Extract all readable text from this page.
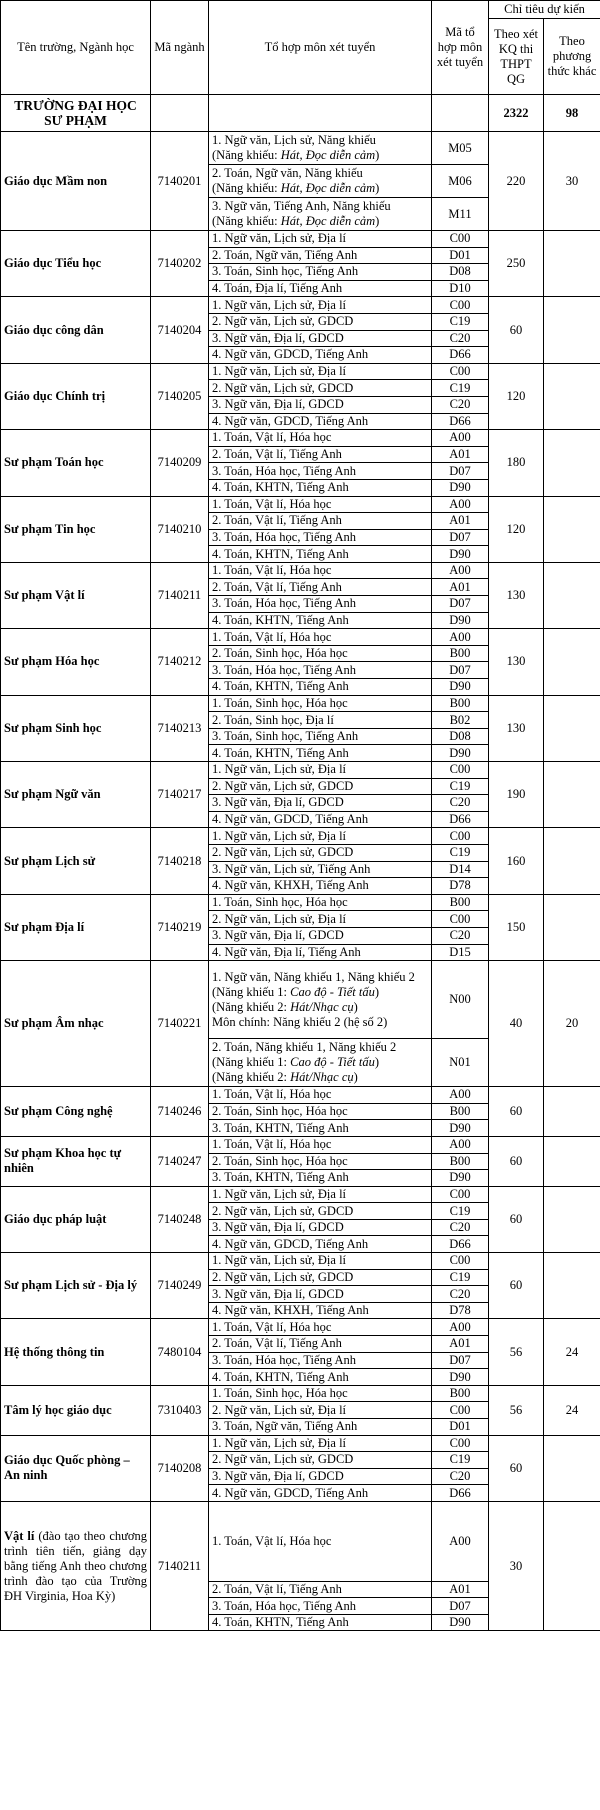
Tên trường, Ngành học	Mã ngành	Tổ hợp môn xét tuyển	Mã tổ hợp môn xét tuyển	Chỉ tiêu dự kiến	
				Theo xét KQ thi THPT QG	Theo phương thức khác
TRƯỜNG ĐẠI HỌC SƯ PHẠM				2322	98
Giáo dục Mầm non	7140201	1. Ngữ văn, Lịch sử, Năng khiếu
(Năng khiếu: Hát, Đọc diễn cảm)	M05	220	30

		2. Toán, Ngữ văn, Năng khiếu
(Năng khiếu: Hát, Đọc diễn cảm)	M06		

		3. Ngữ văn, Tiếng Anh, Năng khiếu
(Năng khiếu: Hát, Đọc diễn cảm)	M11		
Giáo dục Tiểu học	7140202	1. Ngữ văn, Lịch sử, Địa lí	C00	250	

		2. Toán, Ngữ văn, Tiếng Anh	D01		

		3. Toán, Sinh học, Tiếng Anh	D08		

		4. Toán, Địa lí, Tiếng Anh	D10		
Giáo dục công dân	7140204	1. Ngữ văn, Lịch sử, Địa lí	C00	60	

		2. Ngữ văn, Lịch sử, GDCD	C19		

		3. Ngữ văn, Địa lí, GDCD	C20		

		4. Ngữ văn, GDCD, Tiếng Anh	D66		
Giáo dục Chính trị	7140205	1. Ngữ văn, Lịch sử, Địa lí	C00	120	

		2. Ngữ văn, Lịch sử, GDCD	C19		

		3. Ngữ văn, Địa lí, GDCD	C20		

		4. Ngữ văn, GDCD, Tiếng Anh	D66		
Sư phạm Toán học	7140209	1. Toán, Vật lí, Hóa học	A00	180	

		2. Toán, Vật lí, Tiếng Anh	A01		

		3. Toán, Hóa học, Tiếng Anh	D07		

		4. Toán, KHTN, Tiếng Anh	D90		
Sư phạm Tin học	7140210	1. Toán, Vật lí, Hóa học	A00	120	

		2. Toán, Vật lí, Tiếng Anh	A01		

		3. Toán, Hóa học, Tiếng Anh	D07		

		4. Toán, KHTN, Tiếng Anh	D90		
Sư phạm Vật lí	7140211	1. Toán, Vật lí, Hóa học	A00	130	

		2. Toán, Vật lí, Tiếng Anh	A01		

		3. Toán, Hóa học, Tiếng Anh	D07		

		4. Toán, KHTN, Tiếng Anh	D90		
Sư phạm Hóa học	7140212	1. Toán, Vật lí, Hóa học	A00	130	

		2. Toán, Sinh học, Hóa học	B00		

		3. Toán, Hóa học, Tiếng Anh	D07		

		4. Toán, KHTN, Tiếng Anh	D90		
Sư phạm Sinh học	7140213	1. Toán, Sinh học, Hóa học	B00	130	

		2. Toán, Sinh học, Địa lí	B02		

		3. Toán, Sinh học, Tiếng Anh	D08		

		4. Toán, KHTN, Tiếng Anh	D90		
Sư phạm Ngữ văn	7140217	1. Ngữ văn, Lịch sử, Địa lí	C00	190	

		2. Ngữ văn, Lịch sử, GDCD	C19		

		3. Ngữ văn, Địa lí, GDCD	C20		

		4. Ngữ văn, GDCD, Tiếng Anh	D66		
Sư phạm Lịch sử	7140218	1. Ngữ văn, Lịch sử, Địa lí	C00	160	

		2. Ngữ văn, Lịch sử, GDCD	C19		

		3. Ngữ văn, Lịch sử, Tiếng Anh	D14		

		4. Ngữ văn, KHXH, Tiếng Anh	D78		
Sư phạm Địa lí	7140219	1. Toán, Sinh học, Hóa học	B00	150	

		2. Ngữ văn, Lịch sử, Địa lí	C00		

		3. Ngữ văn, Địa lí, GDCD	C20		

		4. Ngữ văn, Địa lí, Tiếng Anh	D15		
Sư phạm Âm nhạc	7140221	1. Ngữ văn, Năng khiếu 1, Năng khiếu 2
(Năng khiếu 1: Cao độ - Tiết tấu)
(Năng khiếu 2: Hát/Nhạc cụ)
Môn chính: Năng khiếu 2 (hệ số 2)	N00	40	20

		2. Toán, Năng khiếu 1, Năng khiếu 2
(Năng khiếu 1: Cao độ - Tiết tấu)
(Năng khiếu 2: Hát/Nhạc cụ)	N01		
Sư phạm Công nghệ	7140246	1. Toán, Vật lí, Hóa học	A00	60	

		2. Toán, Sinh học, Hóa học	B00		

		3. Toán, KHTN, Tiếng Anh	D90		
Sư phạm Khoa học tự nhiên	7140247	1. Toán, Vật lí, Hóa học	A00	60	

		2. Toán, Sinh học, Hóa học	B00		

		3. Toán, KHTN, Tiếng Anh	D90		
Giáo dục pháp luật	7140248	1. Ngữ văn, Lịch sử, Địa lí	C00	60	

		2. Ngữ văn, Lịch sử, GDCD	C19		

		3. Ngữ văn, Địa lí, GDCD	C20		

		4. Ngữ văn, GDCD, Tiếng Anh	D66		
Sư phạm Lịch sử - Địa lý	7140249	1. Ngữ văn, Lịch sử, Địa lí	C00	60	

		2. Ngữ văn, Lịch sử, GDCD	C19		

		3. Ngữ văn, Địa lí, GDCD	C20		

		4. Ngữ văn, KHXH, Tiếng Anh	D78		
Hệ thống thông tin	7480104	1. Toán, Vật lí, Hóa học	A00	56	24

		2. Toán, Vật lí, Tiếng Anh	A01		

		3. Toán, Hóa học, Tiếng Anh	D07		

		4. Toán, KHTN, Tiếng Anh	D90		
Tâm lý học giáo dục	7310403	1. Toán, Sinh học, Hóa học	B00	56	24

		2. Ngữ văn, Lịch sử, Địa lí	C00		

		3. Toán, Ngữ văn, Tiếng Anh	D01		
Giáo dục Quốc phòng – An ninh	7140208	1. Ngữ văn, Lịch sử, Địa lí	C00	60	

		2. Ngữ văn, Lịch sử, GDCD	C19		

		3. Ngữ văn, Địa lí, GDCD	C20		

		4. Ngữ văn, GDCD, Tiếng Anh	D66		
Vật lí (đào tạo theo chương trình tiên tiến, giảng dạy bằng tiếng Anh theo chương trình đào tạo của Trường ĐH Virginia, Hoa Kỳ)	7140211	1. Toán, Vật lí, Hóa học	A00	30	

		2. Toán, Vật lí, Tiếng Anh	A01		

		3. Toán, Hóa học, Tiếng Anh	D07		

		4. Toán, KHTN, Tiếng Anh	D90		
